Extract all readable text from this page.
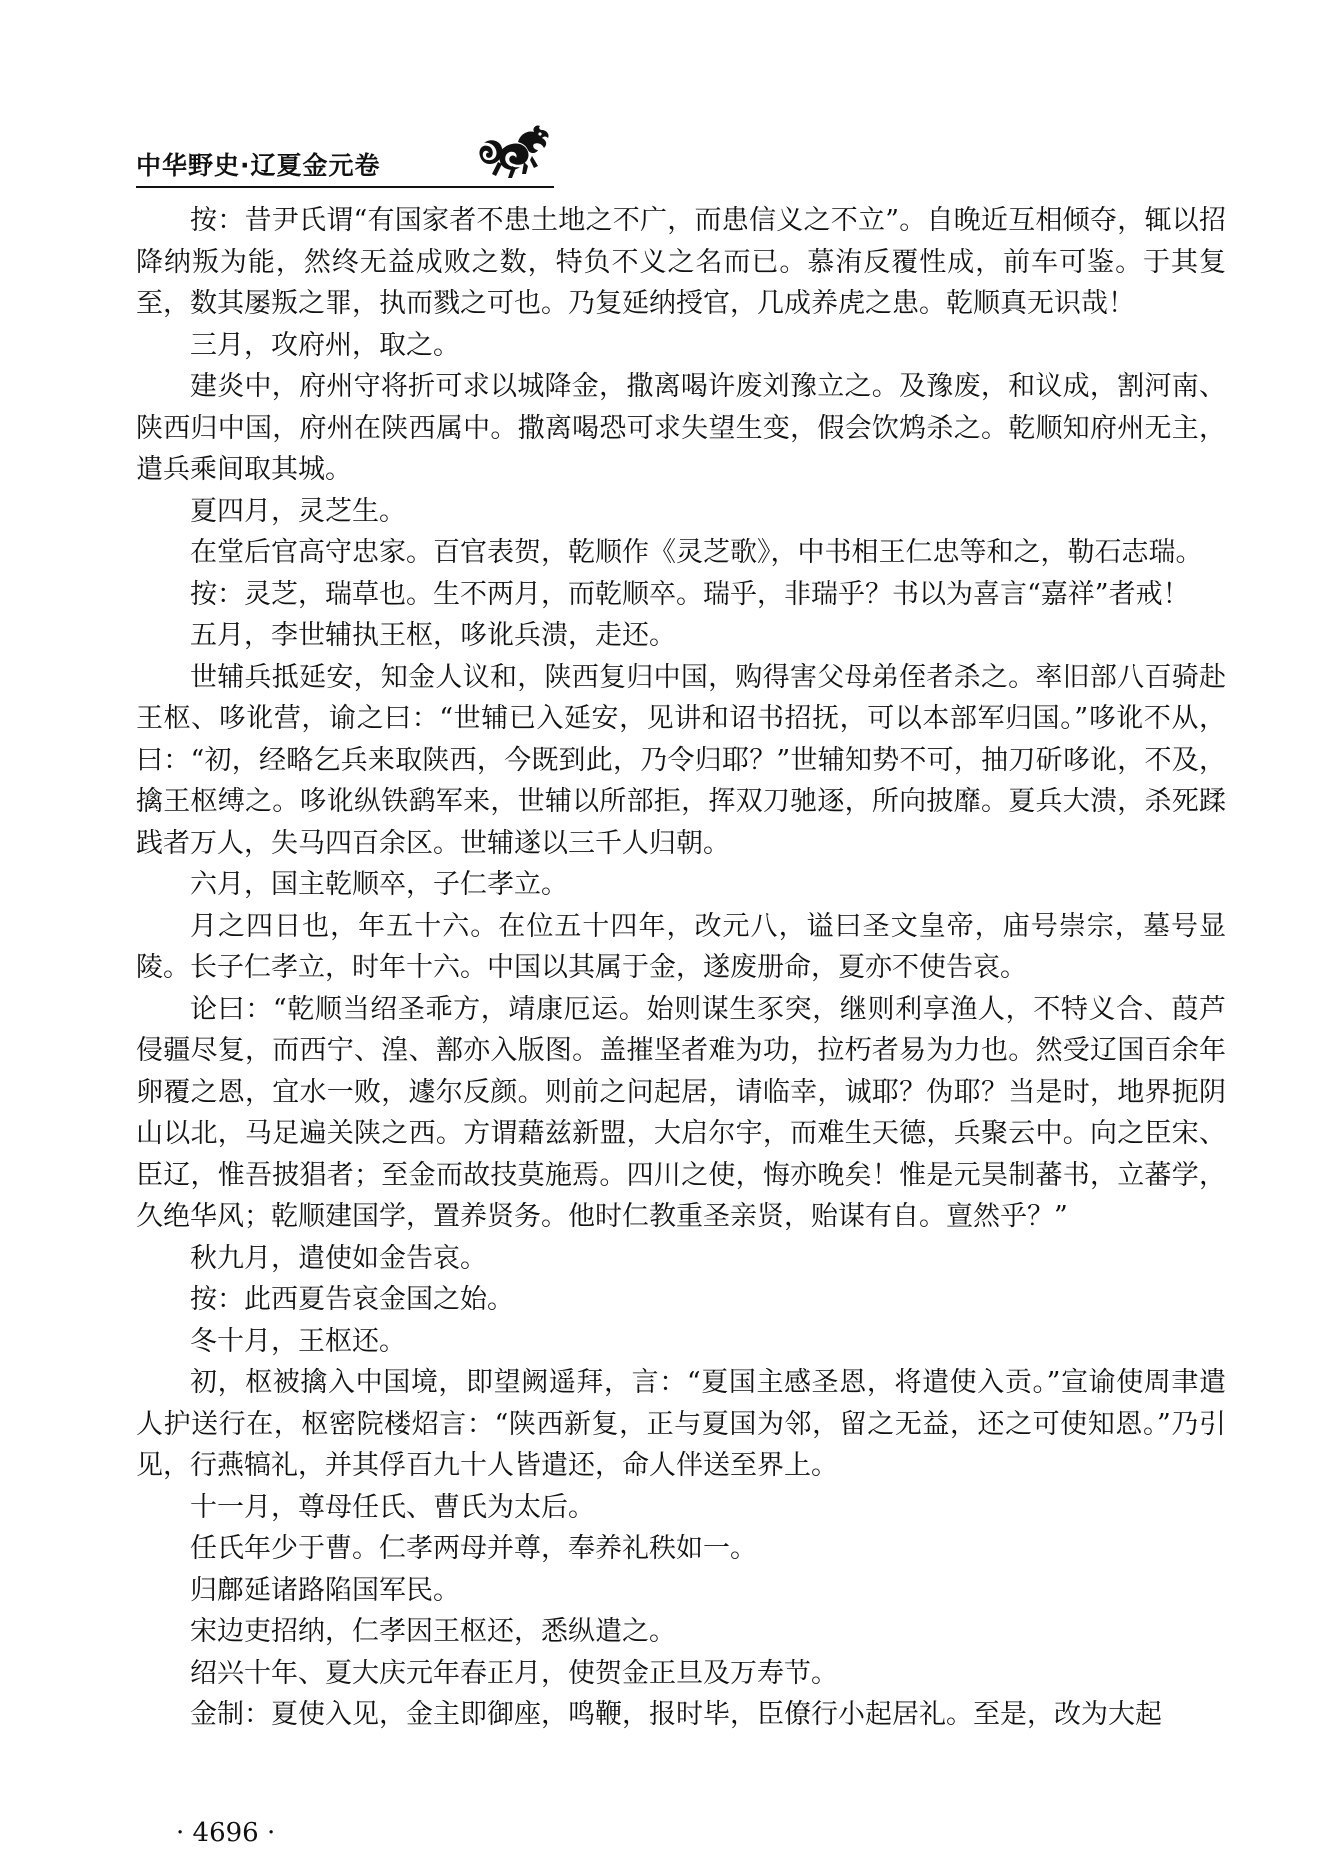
中华野史·辽夏金元卷

按：昔尹氏谓“有国家者不患土地之不广，而患信义之不立”。自晚近互相倾夺，辄以招降纳叛为能，然终无益成败之数，特负不义之名而已。慕洧反覆性成，前车可鉴。于其复至，数其屡叛之罪，执而戮之可也。乃复延纳授官，几成养虎之患。乾顺真无识哉！

三月，攻府州，取之。

建炎中，府州守将折可求以城降金，撒离喝许废刘豫立之。及豫废，和议成，割河南、陕西归中国，府州在陕西属中。撒离喝恐可求失望生变，假会饮鸩杀之。乾顺知府州无主，遣兵乘间取其城。

夏四月，灵芝生。

在堂后官高守忠家。百官表贺，乾顺作《灵芝歌》，中书相王仁忠等和之，勒石志瑞。

按：灵芝，瑞草也。生不两月，而乾顺卒。瑞乎，非瑞乎？书以为喜言“嘉祥”者戒！

五月，李世辅执王枢，哆讹兵溃，走还。

世辅兵抵延安，知金人议和，陕西复归中国，购得害父母弟侄者杀之。率旧部八百骑赴王枢、哆讹营，谕之曰：“世辅已入延安，见讲和诏书招抚，可以本部军归国。”哆讹不从，曰：“初，经略乞兵来取陕西，今既到此，乃令归耶？”世辅知势不可，抽刀斫哆讹，不及，擒王枢缚之。哆讹纵铁鹞军来，世辅以所部拒，挥双刀驰逐，所向披靡。夏兵大溃，杀死蹂践者万人，失马四百余区。世辅遂以三千人归朝。

六月，国主乾顺卒，子仁孝立。

月之四日也，年五十六。在位五十四年，改元八，谥曰圣文皇帝，庙号崇宗，墓号显陵。长子仁孝立，时年十六。中国以其属于金，遂废册命，夏亦不使告哀。

论曰：“乾顺当绍圣乖方，靖康厄运。始则谋生豕突，继则利享渔人，不特义合、葭芦侵疆尽复，而西宁、湟、鄯亦入版图。盖摧坚者难为功，拉朽者易为力也。然受辽国百余年卵覆之恩，宜水一败，遽尔反颜。则前之问起居，请临幸，诚耶？伪耶？当是时，地界扼阴山以北，马足遍关陕之西。方谓藉兹新盟，大启尔宇，而难生天德，兵聚云中。向之臣宋、臣辽，惟吾披猖者；至金而故技莫施焉。四川之使，悔亦晚矣！惟是元昊制蕃书，立蕃学，久绝华风；乾顺建国学，置养贤务。他时仁教重圣亲贤，贻谋有自。亶然乎？”

秋九月，遣使如金告哀。

按：此西夏告哀金国之始。

冬十月，王枢还。

初，枢被擒入中国境，即望阙遥拜，言：“夏国主感圣恩，将遣使入贡。”宣谕使周聿遣人护送行在，枢密院楼炤言：“陕西新复，正与夏国为邻，留之无益，还之可使知恩。”乃引见，行燕犒礼，并其俘百九十人皆遣还，命人伴送至界上。

十一月，尊母任氏、曹氏为太后。

任氏年少于曹。仁孝两母并尊，奉养礼秩如一。

归鄜延诸路陷国军民。

宋边吏招纳，仁孝因王枢还，悉纵遣之。

绍兴十年、夏大庆元年春正月，使贺金正旦及万寿节。

金制：夏使入见，金主即御座，鸣鞭，报时毕，臣僚行小起居礼。至是，改为大起

· 4696 ·
